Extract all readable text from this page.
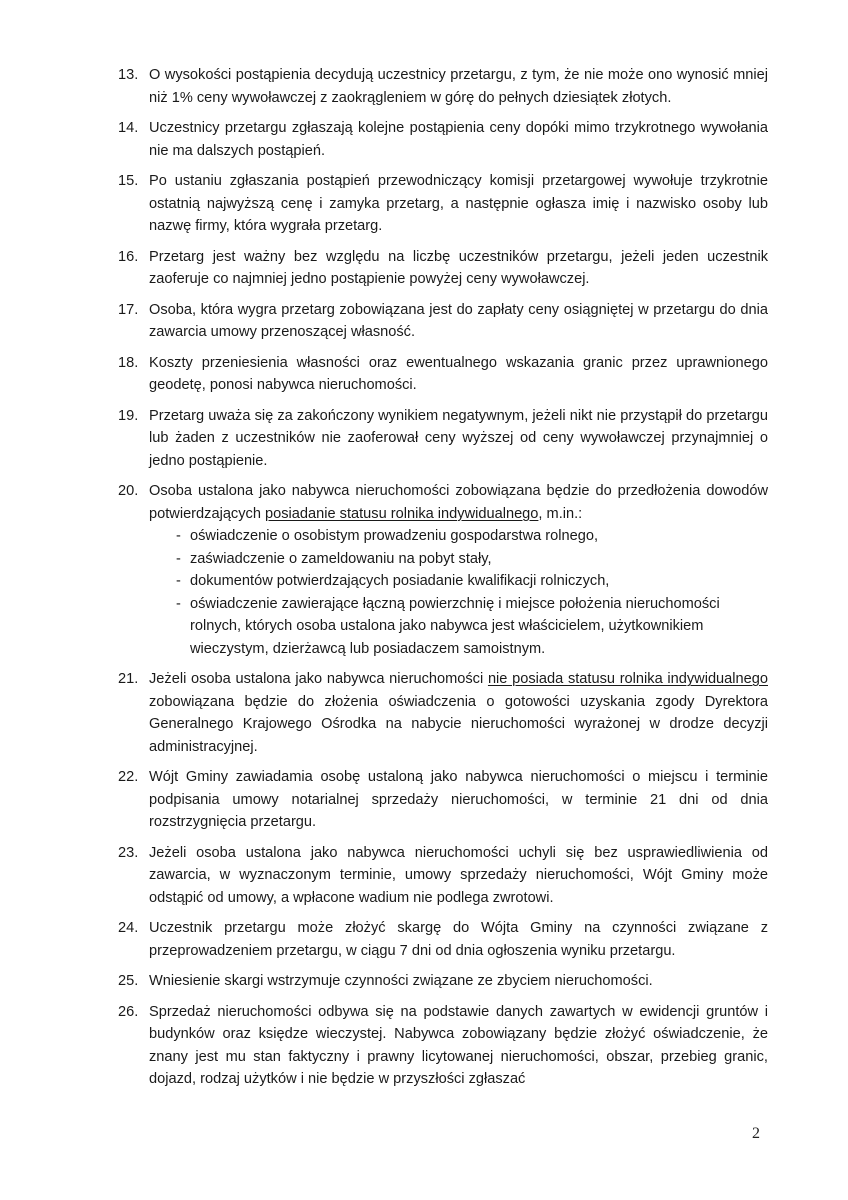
13. O wysokości postąpienia decydują uczestnicy przetargu, z tym, że nie może ono wynosić mniej niż 1% ceny wywoławczej z zaokrągleniem w górę do pełnych dziesiątek złotych.
14. Uczestnicy przetargu zgłaszają kolejne postąpienia ceny dopóki mimo trzykrotnego wywołania nie ma dalszych postąpień.
15. Po ustaniu zgłaszania postąpień przewodniczący komisji przetargowej wywołuje trzykrotnie ostatnią najwyższą cenę i zamyka przetarg, a następnie ogłasza imię i nazwisko osoby lub nazwę firmy, która wygrała przetarg.
16. Przetarg jest ważny bez względu na liczbę uczestników przetargu, jeżeli jeden uczestnik zaoferuje co najmniej jedno postąpienie powyżej ceny wywoławczej.
17. Osoba, która wygra przetarg zobowiązana jest do zapłaty ceny osiągniętej w przetargu do dnia zawarcia umowy przenoszącej własność.
18. Koszty przeniesienia własności oraz ewentualnego wskazania granic przez uprawnionego geodetę, ponosi nabywca nieruchomości.
19. Przetarg uważa się za zakończony wynikiem negatywnym, jeżeli nikt nie przystąpił do przetargu lub żaden z uczestników nie zaoferował ceny wyższej od ceny wywoławczej przynajmniej o jedno postąpienie.
20. Osoba ustalona jako nabywca nieruchomości zobowiązana będzie do przedłożenia dowodów potwierdzających posiadanie statusu rolnika indywidualnego, m.in.:
- oświadczenie o osobistym prowadzeniu gospodarstwa rolnego,
- zaświadczenie o zameldowaniu na pobyt stały,
- dokumentów potwierdzających posiadanie kwalifikacji rolniczych,
- oświadczenie zawierające łączną powierzchnię i miejsce położenia nieruchomości rolnych, których osoba ustalona jako nabywca jest właścicielem, użytkownikiem wieczystym, dzierżawcą lub posiadaczem samoistnym.
21. Jeżeli osoba ustalona jako nabywca nieruchomości nie posiada statusu rolnika indywidualnego zobowiązana będzie do złożenia oświadczenia o gotowości uzyskania zgody Dyrektora Generalnego Krajowego Ośrodka na nabycie nieruchomości wyrażonej w drodze decyzji administracyjnej.
22. Wójt Gminy zawiadamia osobę ustaloną jako nabywca nieruchomości o miejscu i terminie podpisania umowy notarialnej sprzedaży nieruchomości, w terminie 21 dni od dnia rozstrzygnięcia przetargu.
23. Jeżeli osoba ustalona jako nabywca nieruchomości uchyli się bez usprawiedliwienia od zawarcia, w wyznaczonym terminie, umowy sprzedaży nieruchomości, Wójt Gminy może odstąpić od umowy, a wpłacone wadium nie podlega zwrotowi.
24. Uczestnik przetargu może złożyć skargę do Wójta Gminy na czynności związane z przeprowadzeniem przetargu, w ciągu 7 dni od dnia ogłoszenia wyniku przetargu.
25. Wniesienie skargi wstrzymuje czynności związane ze zbyciem nieruchomości.
26. Sprzedaż nieruchomości odbywa się na podstawie danych zawartych w ewidencji gruntów i budynków oraz księdze wieczystej. Nabywca zobowiązany będzie złożyć oświadczenie, że znany jest mu stan faktyczny i prawny licytowanej nieruchomości, obszar, przebieg granic, dojazd, rodzaj użytków i nie będzie w przyszłości zgłaszać
2
